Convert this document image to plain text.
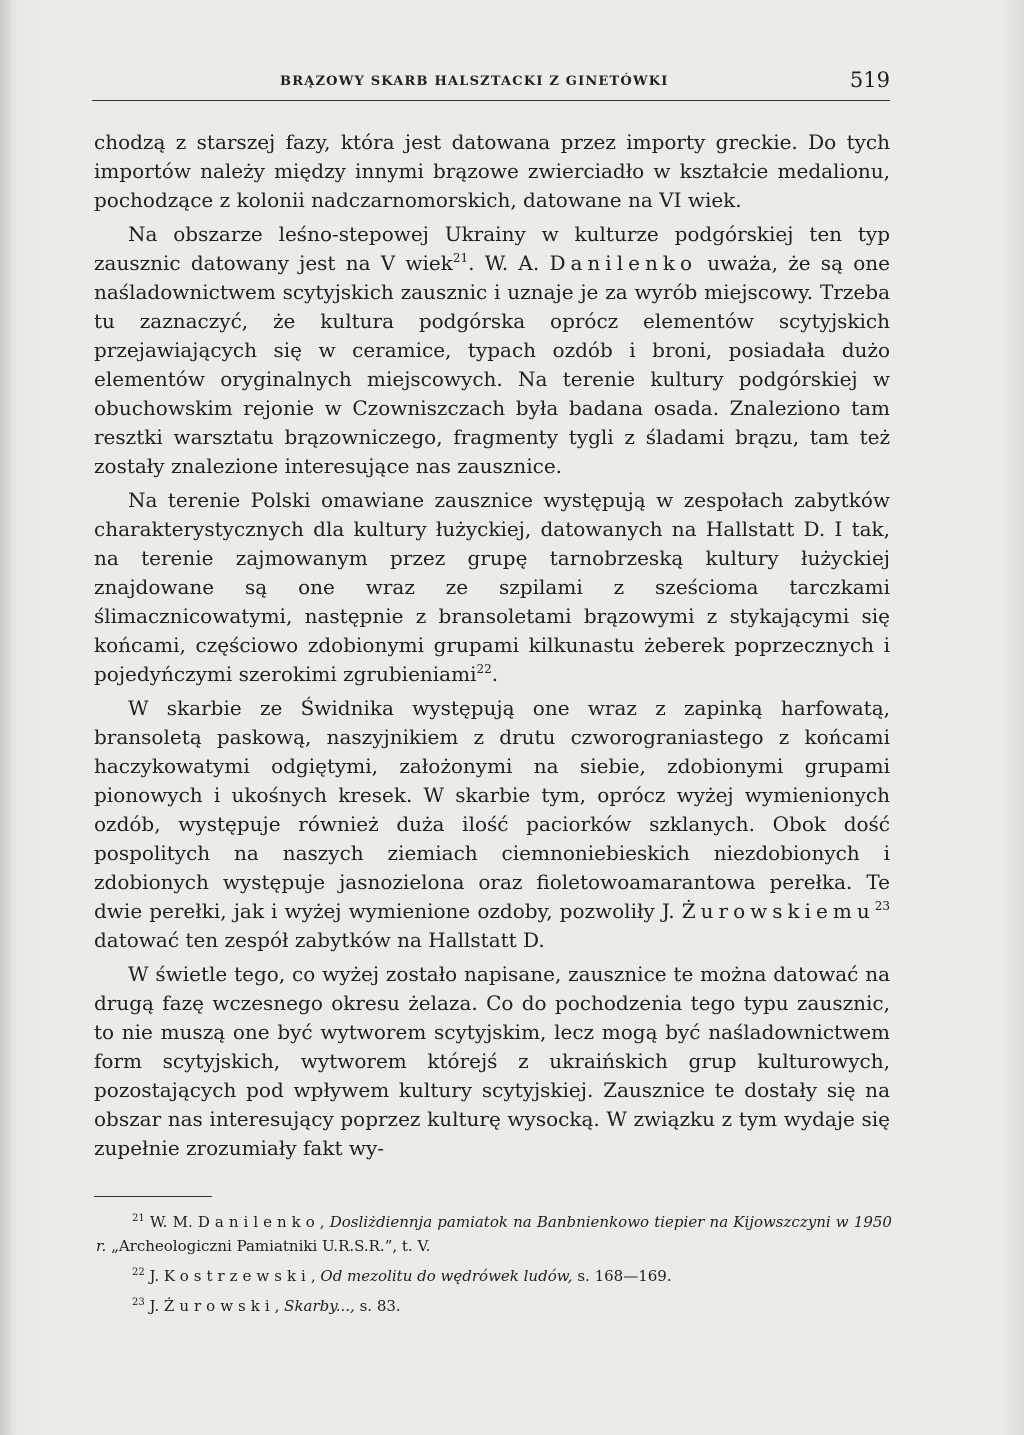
BRĄZOWY SKARB HALSZTACKI Z GINETÓWKI	519

chodzą z starszej fazy, która jest datowana przez importy greckie. Do tych importów należy między innymi brązowe zwierciadło w kształcie medalionu, pochodzące z kolonii nadczarnomorskich, datowane na VI wiek.

Na obszarze leśno-stepowej Ukrainy w kulturze podgórskiej ten typ zausznic datowany jest na V wiek$^{21}$. W. A. Danilenko uważa, że są one naśladownictwem scytyjskich zausznic i uznaje je za wyrób miejscowy. Trzeba tu zaznaczyć, że kultura podgórska oprócz elementów scytyjskich przejawiających się w ceramice, typach ozdób i broni, posiadała dużo elementów oryginalnych miejscowych. Na terenie kultury podgórskiej w obuchowskim rejonie w Czowniszczach była badana osada. Znaleziono tam resztki warsztatu brązowniczego, fragmenty tygli z śladami brązu, tam też zostały znalezione interesujące nas zausznice.

Na terenie Polski omawiane zausznice występują w zespołach zabytków charakterystycznych dla kultury łużyckiej, datowanych na Hallstatt D. I tak, na terenie zajmowanym przez grupę tarnobrzeską kultury łużyckiej znajdowane są one wraz ze szpilami z sześcioma tarczkami ślimacznicowatymi, następnie z bransoletami brązowymi z stykającymi się końcami, częściowo zdobionymi grupami kilkunastu żeberek poprzecznych i pojedyńczymi szerokimi zgrubieniami$^{22}$.

W skarbie ze Świdnika występują one wraz z zapinką harfowatą, bransoletą paskową, naszyjnikiem z drutu czworograniastego z końcami haczykowatymi odgiętymi, założonymi na siebie, zdobionymi grupami pionowych i ukośnych kresek. W skarbie tym, oprócz wyżej wymienionych ozdób, występuje również duża ilość paciorków szklanych. Obok dość pospolitych na naszych ziemiach ciemnoniebieskich niezdobionych i zdobionych występuje jasnozielona oraz fioletowoamarantowa perełka. Te dwie perełki, jak i wyżej wymienione ozdoby, pozwoliły J. Żurowskiemu$^{23}$ datować ten zespół zabytków na Hallstatt D.

W świetle tego, co wyżej zostało napisane, zausznice te można datować na drugą fazę wczesnego okresu żelaza. Co do pochodzenia tego typu zausznic, to nie muszą one być wytworem scytyjskim, lecz mogą być naśladownictwem form scytyjskich, wytworem którejś z ukraińskich grup kulturowych, pozostających pod wpływem kultury scytyjskiej. Zausznice te dostały się na obszar nas interesujący poprzez kulturę wysocką. W związku z tym wydaje się zupełnie zrozumiały fakt wy-

$^{21}$ W. M. Danilenko, Dosliżdiennja pamiatok na Banbnienkowo tiepier na Kijowszczyni w 1950 r. „Archeologiczni Pamiatniki U.R.S.R.”, t. V.
$^{22}$ J. Kostrzewski, Od mezolitu do wędrówek ludów, s. 168—169.
$^{23}$ J. Żurowski, Skarby..., s. 83.
